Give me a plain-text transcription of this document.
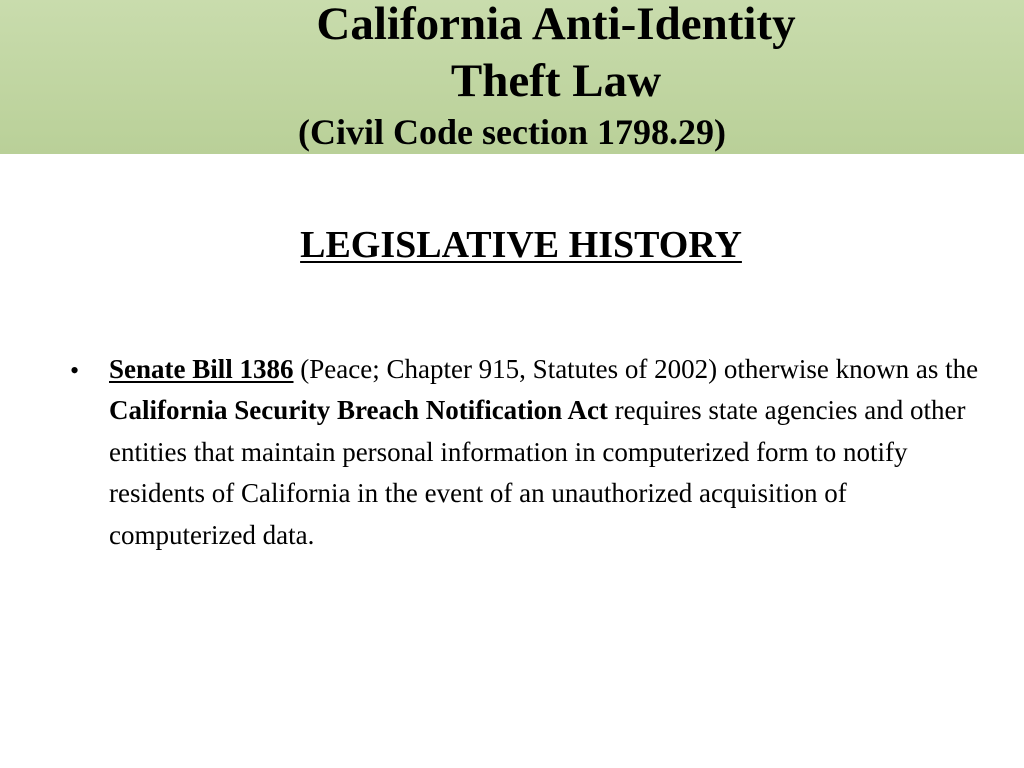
California Anti-Identity
Theft Law
(Civil Code section 1798.29)
LEGISLATIVE HISTORY
• Senate Bill 1386 (Peace; Chapter 915, Statutes of 2002) otherwise known as the California Security Breach Notification Act requires state agencies and other entities that maintain personal information in computerized form to notify residents of California in the event of an unauthorized acquisition of computerized data.
